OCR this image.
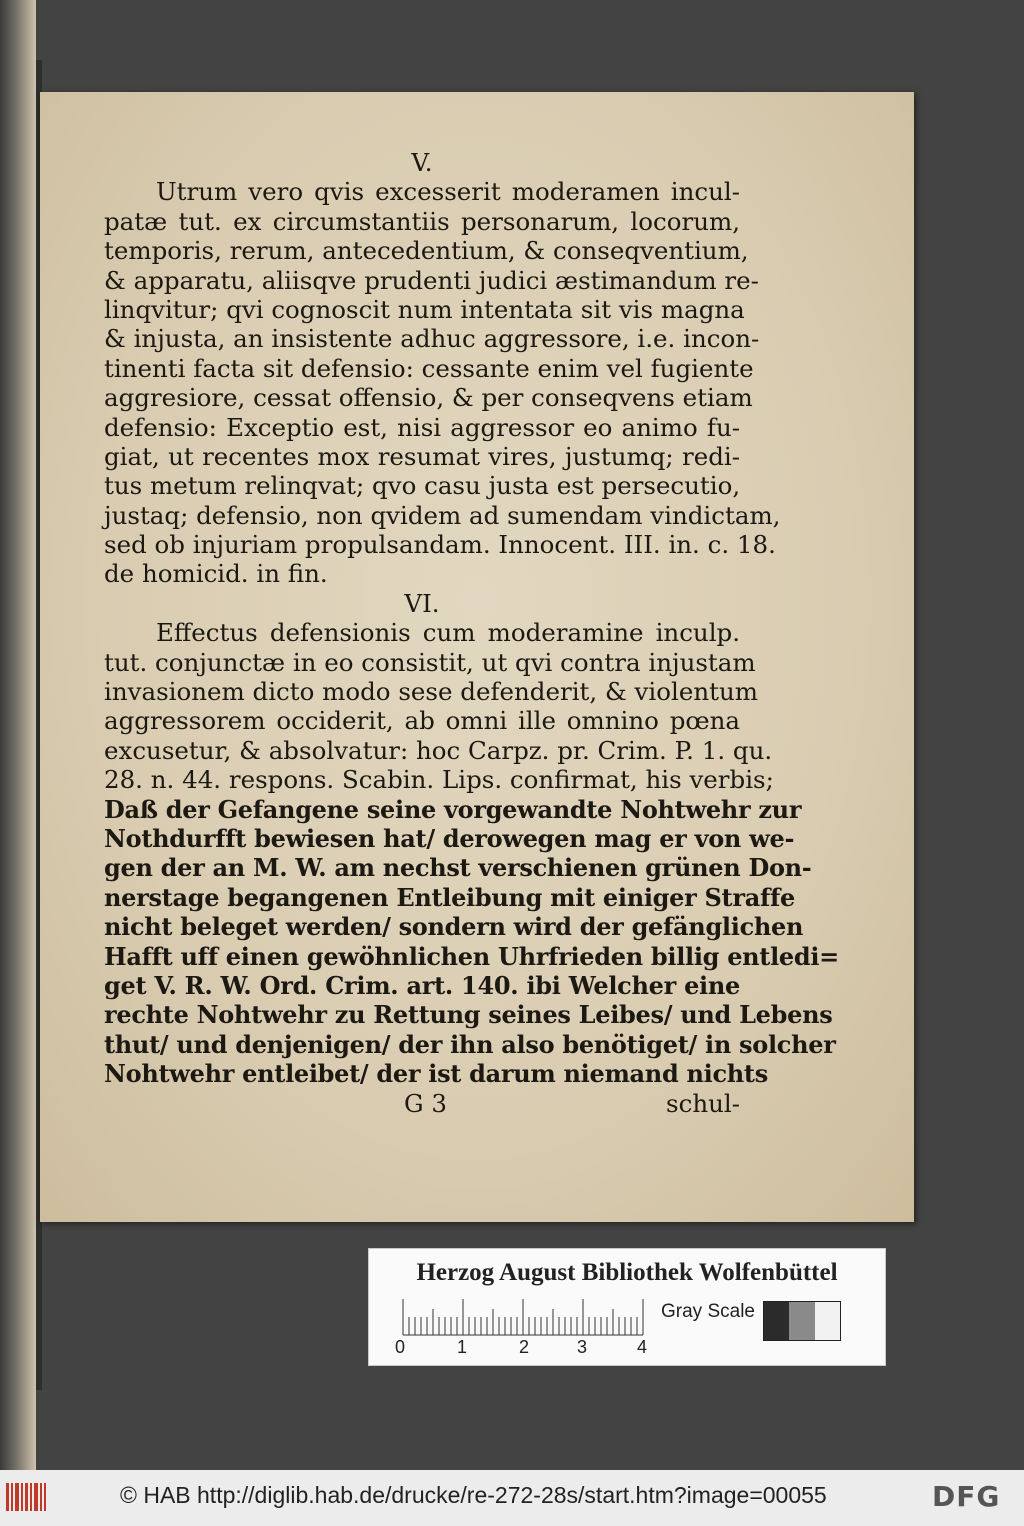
V.
Utrum vero qvis excesserit moderamen incul-
patæ tut. ex circumstantiis personarum, locorum,
temporis, rerum, antecedentium, & conseqventium,
& apparatu, aliisqve prudenti judici æstimandum re-
linqvitur; qvi cognoscit num intentata sit vis magna
& injusta, an insistente adhuc aggressore, i.e. incon-
tinenti facta sit defensio: cessante enim vel fugiente
aggresiore, cessat offensio, & per conseqvens etiam
defensio: Exceptio est, nisi aggressor eo animo fu-
giat, ut recentes mox resumat vires, justumq; redi-
tus metum relinqvat; qvo casu justa est persecutio,
justaq; defensio, non qvidem ad sumendam vindictam,
sed ob injuriam propulsandam. Innocent. III. in. c. 18.
de homicid. in fin.
VI.
Effectus defensionis cum moderamine inculp.
tut. conjunctæ in eo consistit, ut qvi contra injustam
invasionem dicto modo sese defenderit, & violentum
aggressorem occiderit, ab omni ille omnino pœna
excusetur, & absolvatur: hoc Carpz. pr. Crim. P. 1. qu.
28. n. 44. respons. Scabin. Lips. confirmat, his verbis;
Daß der Gefangene seine vorgewandte Nohtwehr zur
Nothdurfft bewiesen hat/ derowegen mag er von we-
gen der an M. W. am nechst verschienen grünen Don-
nerstage begangenen Entleibung mit einiger Straffe
nicht beleget werden/ sondern wird der gefänglichen
Hafft uff einen gewöhnlichen Uhrfrieden billig entledi=
get V. R. W. Ord. Crim. art. 140. ibi Welcher eine
rechte Nohtwehr zu Rettung seines Leibes/ und Lebens
thut/ und denjenigen/ der ihn also benötiget/ in solcher
Nohtwehr entleibet/ der ist darum niemand nichts
G 3	schul-
Herzog August Bibliothek Wolfenbüttel
0	1	2	3	4
Gray Scale
© HAB http://diglib.hab.de/drucke/re-272-28s/start.htm?image=00055	DFG
